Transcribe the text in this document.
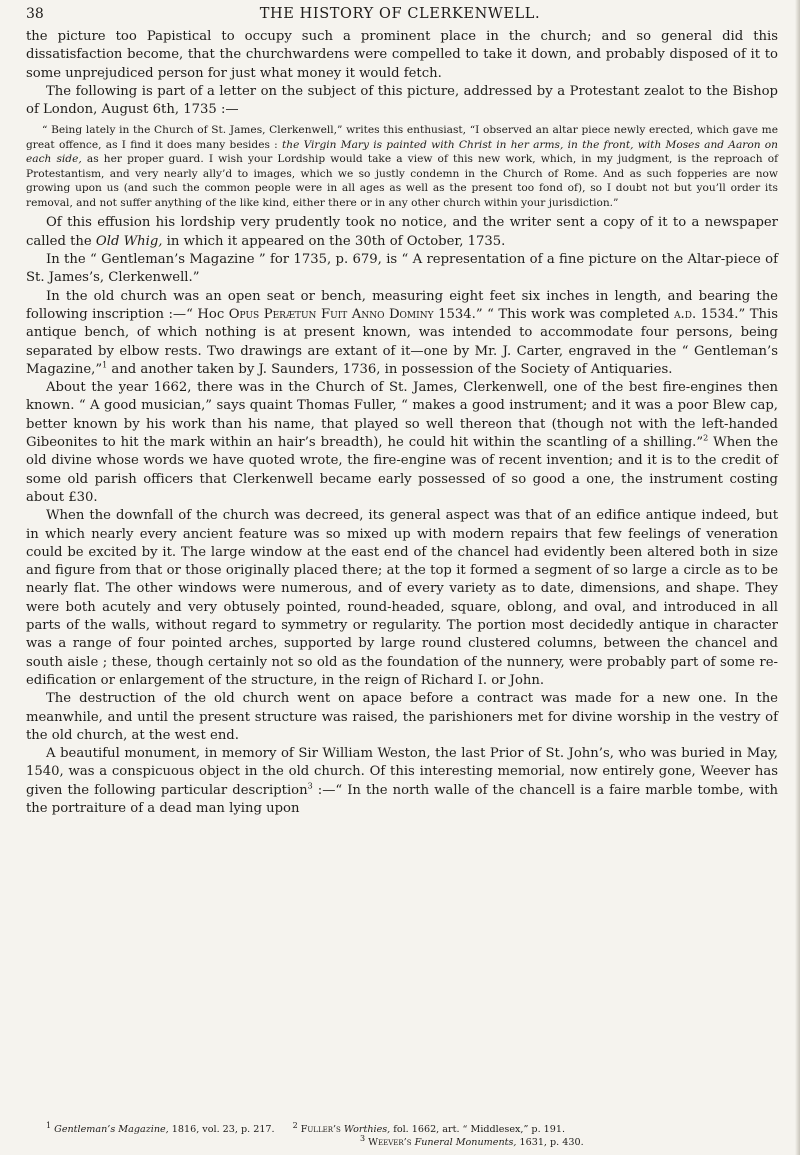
38	THE HISTORY OF CLERKENWELL.

the picture too Papistical to occupy such a prominent place in the church; and so general did this dissatisfaction become, that the churchwardens were compelled to take it down, and probably disposed of it to some unprejudiced person for just what money it would fetch.

The following is part of a letter on the subject of this picture, addressed by a Protestant zealot to the Bishop of London, August 6th, 1735 :—

“ Being lately in the Church of St. James, Clerkenwell,” writes this enthusiast, “I observed an altar piece newly erected, which gave me great offence, as I find it does many besides : the Virgin Mary is painted with Christ in her arms, in the front, with Moses and Aaron on each side, as her proper guard. I wish your Lordship would take a view of this new work, which, in my judgment, is the reproach of Protestantism, and very nearly ally’d to images, which we so justly condemn in the Church of Rome. And as such fopperies are now growing upon us (and such the common people were in all ages as well as the present too fond of), so I doubt not but you’ll order its removal, and not suffer anything of the like kind, either there or in any other church within your jurisdiction.”

Of this effusion his lordship very prudently took no notice, and the writer sent a copy of it to a newspaper called the Old Whig, in which it appeared on the 30th of October, 1735.

In the “ Gentleman’s Magazine ” for 1735, p. 679, is “ A representation of a fine picture on the Altar-piece of St. James’s, Clerkenwell.”

In the old church was an open seat or bench, measuring eight feet six inches in length, and bearing the following inscription :—“ Hoc Opus Perætun Fuit Anno Dominy 1534.” “ This work was completed a.d. 1534.” This antique bench, of which nothing is at present known, was intended to accommodate four persons, being separated by elbow rests. Two drawings are extant of it—one by Mr. J. Carter, engraved in the “ Gentleman’s Magazine,”$^1$ and another taken by J. Saunders, 1736, in possession of the Society of Antiquaries.

About the year 1662, there was in the Church of St. James, Clerkenwell, one of the best fire-engines then known. “ A good musician,” says quaint Thomas Fuller, “ makes a good instrument; and it was a poor Blew cap, better known by his work than his name, that played so well thereon that (though not with the left-handed Gibeonites to hit the mark within an hair’s breadth), he could hit within the scantling of a shilling.”$^2$ When the old divine whose words we have quoted wrote, the fire-engine was of recent invention; and it is to the credit of some old parish officers that Clerkenwell became early possessed of so good a one, the instrument costing about £30.

When the downfall of the church was decreed, its general aspect was that of an edifice antique indeed, but in which nearly every ancient feature was so mixed up with modern repairs that few feelings of veneration could be excited by it. The large window at the east end of the chancel had evidently been altered both in size and figure from that or those originally placed there; at the top it formed a segment of so large a circle as to be nearly flat. The other windows were numerous, and of every variety as to date, dimensions, and shape. They were both acutely and very obtusely pointed, round-headed, square, oblong, and oval, and introduced in all parts of the walls, without regard to symmetry or regularity. The portion most decidedly antique in character was a range of four pointed arches, supported by large round clustered columns, between the chancel and south aisle ; these, though certainly not so old as the foundation of the nunnery, were probably part of some re-edification or enlargement of the structure, in the reign of Richard I. or John.

The destruction of the old church went on apace before a contract was made for a new one. In the meanwhile, and until the present structure was raised, the parishioners met for divine worship in the vestry of the old church, at the west end.

A beautiful monument, in memory of Sir William Weston, the last Prior of St. John’s, who was buried in May, 1540, was a conspicuous object in the old church. Of this interesting memorial, now entirely gone, Weever has given the following particular description$^3$ :—“ In the north walle of the chancell is a faire marble tombe, with the portraiture of a dead man lying upon

$^1$ Gentleman’s Magazine, 1816, vol. 23, p. 217. $^2$ Fuller’s Worthies, fol. 1662, art. “ Middlesex,” p. 191.
$^3$ Weever’s Funeral Monuments, 1631, p. 430.
